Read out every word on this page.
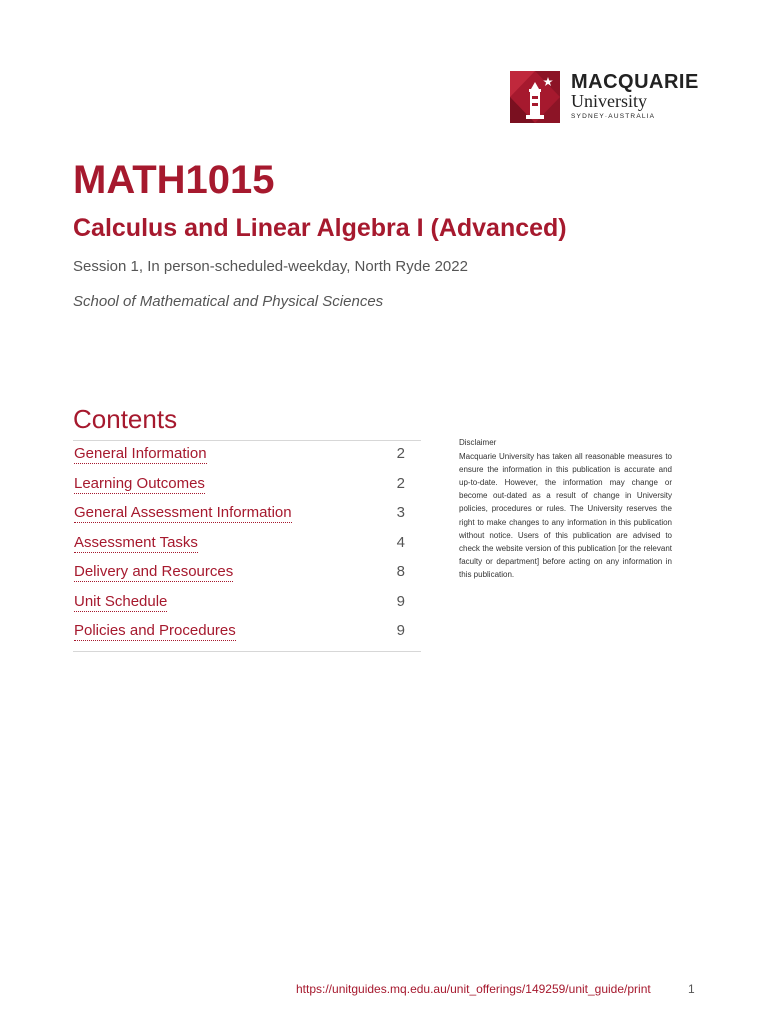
MACQUARIE
University
SYDNEY·AUSTRALIA
MATH1015
Calculus and Linear Algebra I (Advanced)
Session 1, In person-scheduled-weekday, North Ryde 2022
School of Mathematical and Physical Sciences
Contents
General Information	2
Learning Outcomes	2
General Assessment Information	3
Assessment Tasks	4
Delivery and Resources	8
Unit Schedule	9
Policies and Procedures	9

Disclaimer

Macquarie University has taken all reasonable measures to ensure the information in this publication is accurate and up-to-date. However, the information may change or become out-dated as a result of change in University policies, procedures or rules. The University reserves the right to make changes to any information in this publication without notice. Users of this publication are advised to check the website version of this publication [or the relevant faculty or department] before acting on any information in this publication.

https://unitguides.mq.edu.au/unit_offerings/149259/unit_guide/print	1
